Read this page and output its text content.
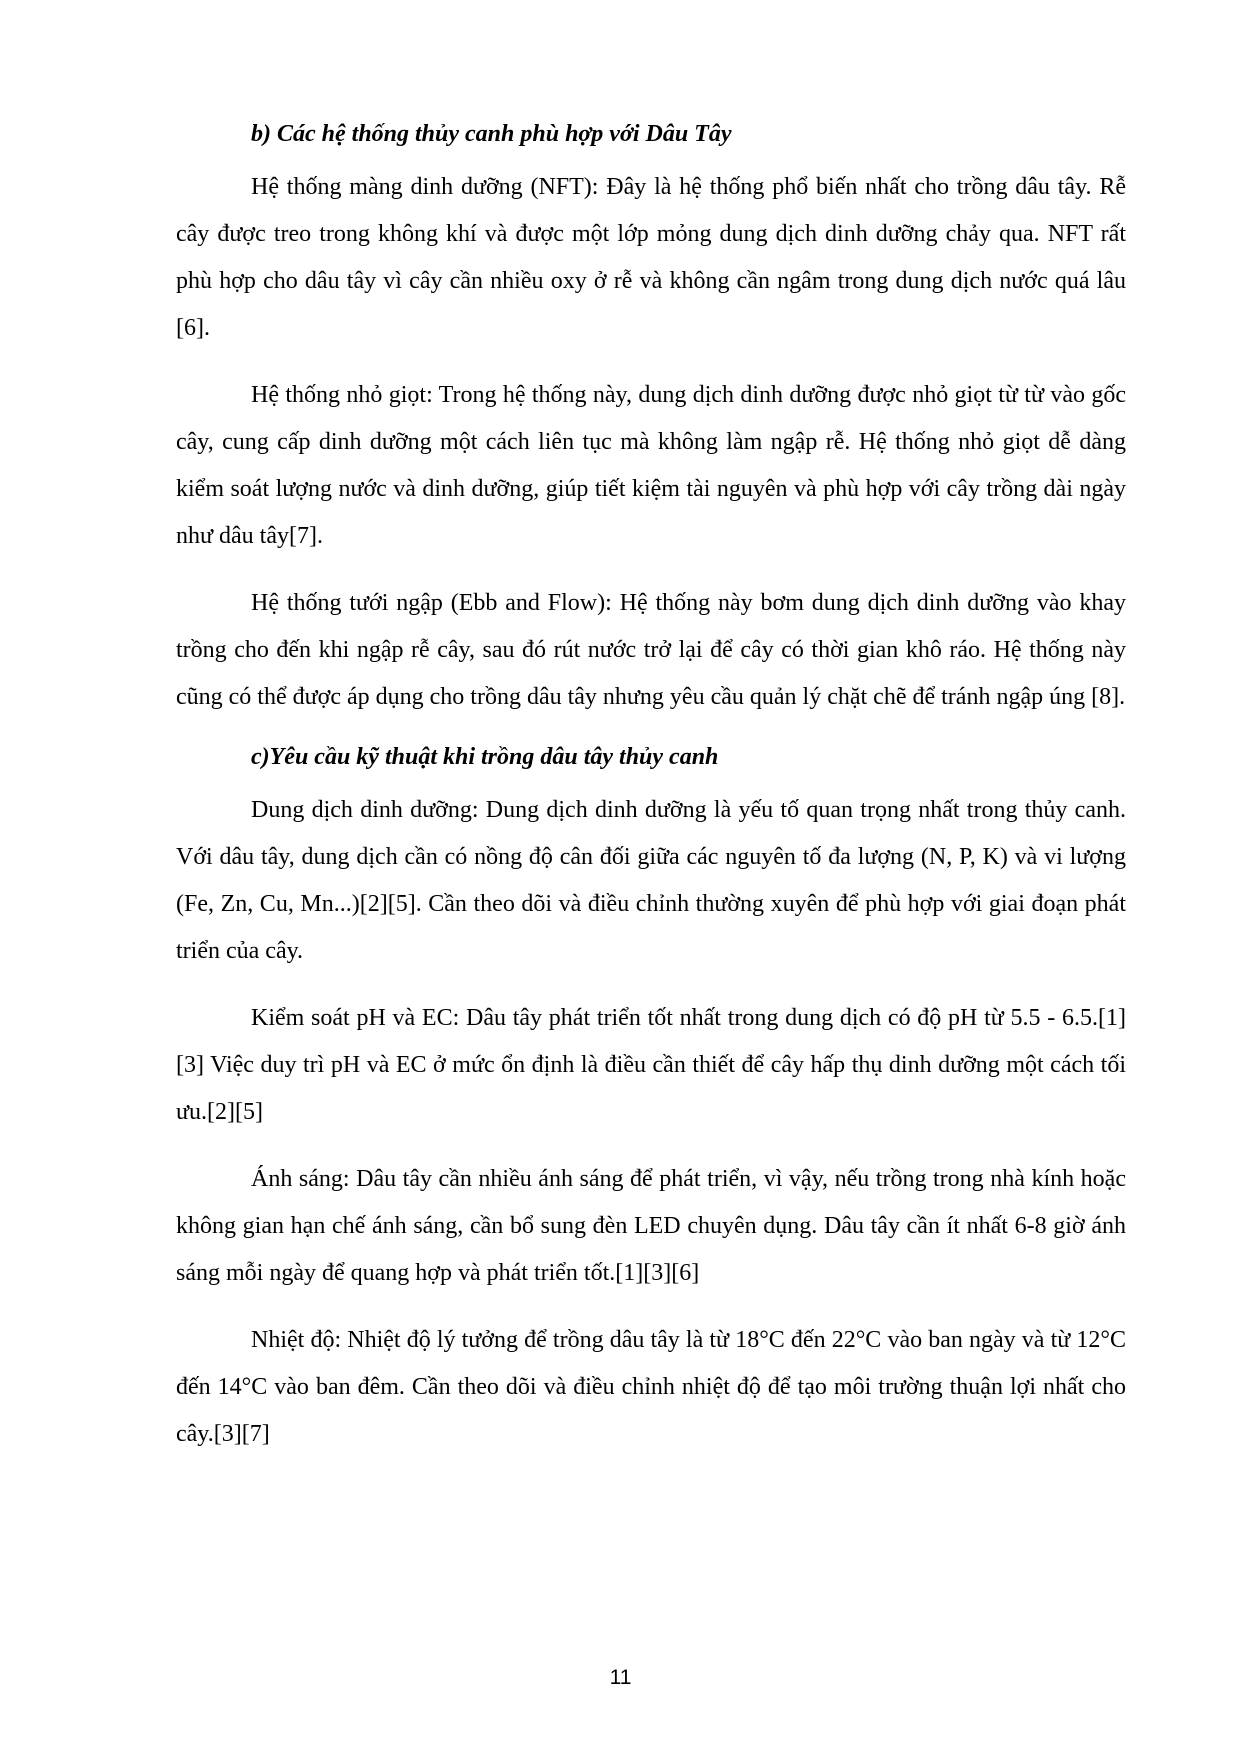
b) Các hệ thống thủy canh phù hợp với Dâu Tây

Hệ thống màng dinh dưỡng (NFT): Đây là hệ thống phổ biến nhất cho trồng dâu tây. Rễ cây được treo trong không khí và được một lớp mỏng dung dịch dinh dưỡng chảy qua. NFT rất phù hợp cho dâu tây vì cây cần nhiều oxy ở rễ và không cần ngâm trong dung dịch nước quá lâu [6].

Hệ thống nhỏ giọt: Trong hệ thống này, dung dịch dinh dưỡng được nhỏ giọt từ từ vào gốc cây, cung cấp dinh dưỡng một cách liên tục mà không làm ngập rễ. Hệ thống nhỏ giọt dễ dàng kiểm soát lượng nước và dinh dưỡng, giúp tiết kiệm tài nguyên và phù hợp với cây trồng dài ngày như dâu tây[7].

Hệ thống tưới ngập (Ebb and Flow): Hệ thống này bơm dung dịch dinh dưỡng vào khay trồng cho đến khi ngập rễ cây, sau đó rút nước trở lại để cây có thời gian khô ráo. Hệ thống này cũng có thể được áp dụng cho trồng dâu tây nhưng yêu cầu quản lý chặt chẽ để tránh ngập úng [8].

c)Yêu cầu kỹ thuật khi trồng dâu tây thủy canh

Dung dịch dinh dưỡng: Dung dịch dinh dưỡng là yếu tố quan trọng nhất trong thủy canh. Với dâu tây, dung dịch cần có nồng độ cân đối giữa các nguyên tố đa lượng (N, P, K) và vi lượng (Fe, Zn, Cu, Mn...)[2][5]. Cần theo dõi và điều chỉnh thường xuyên để phù hợp với giai đoạn phát triển của cây.

Kiểm soát pH và EC: Dâu tây phát triển tốt nhất trong dung dịch có độ pH từ 5.5 - 6.5.[1][3] Việc duy trì pH và EC ở mức ổn định là điều cần thiết để cây hấp thụ dinh dưỡng một cách tối ưu.[2][5]

Ánh sáng: Dâu tây cần nhiều ánh sáng để phát triển, vì vậy, nếu trồng trong nhà kính hoặc không gian hạn chế ánh sáng, cần bổ sung đèn LED chuyên dụng. Dâu tây cần ít nhất 6-8 giờ ánh sáng mỗi ngày để quang hợp và phát triển tốt.[1][3][6]

Nhiệt độ: Nhiệt độ lý tưởng để trồng dâu tây là từ 18°C đến 22°C vào ban ngày và từ 12°C đến 14°C vào ban đêm. Cần theo dõi và điều chỉnh nhiệt độ để tạo môi trường thuận lợi nhất cho cây.[3][7]

11
